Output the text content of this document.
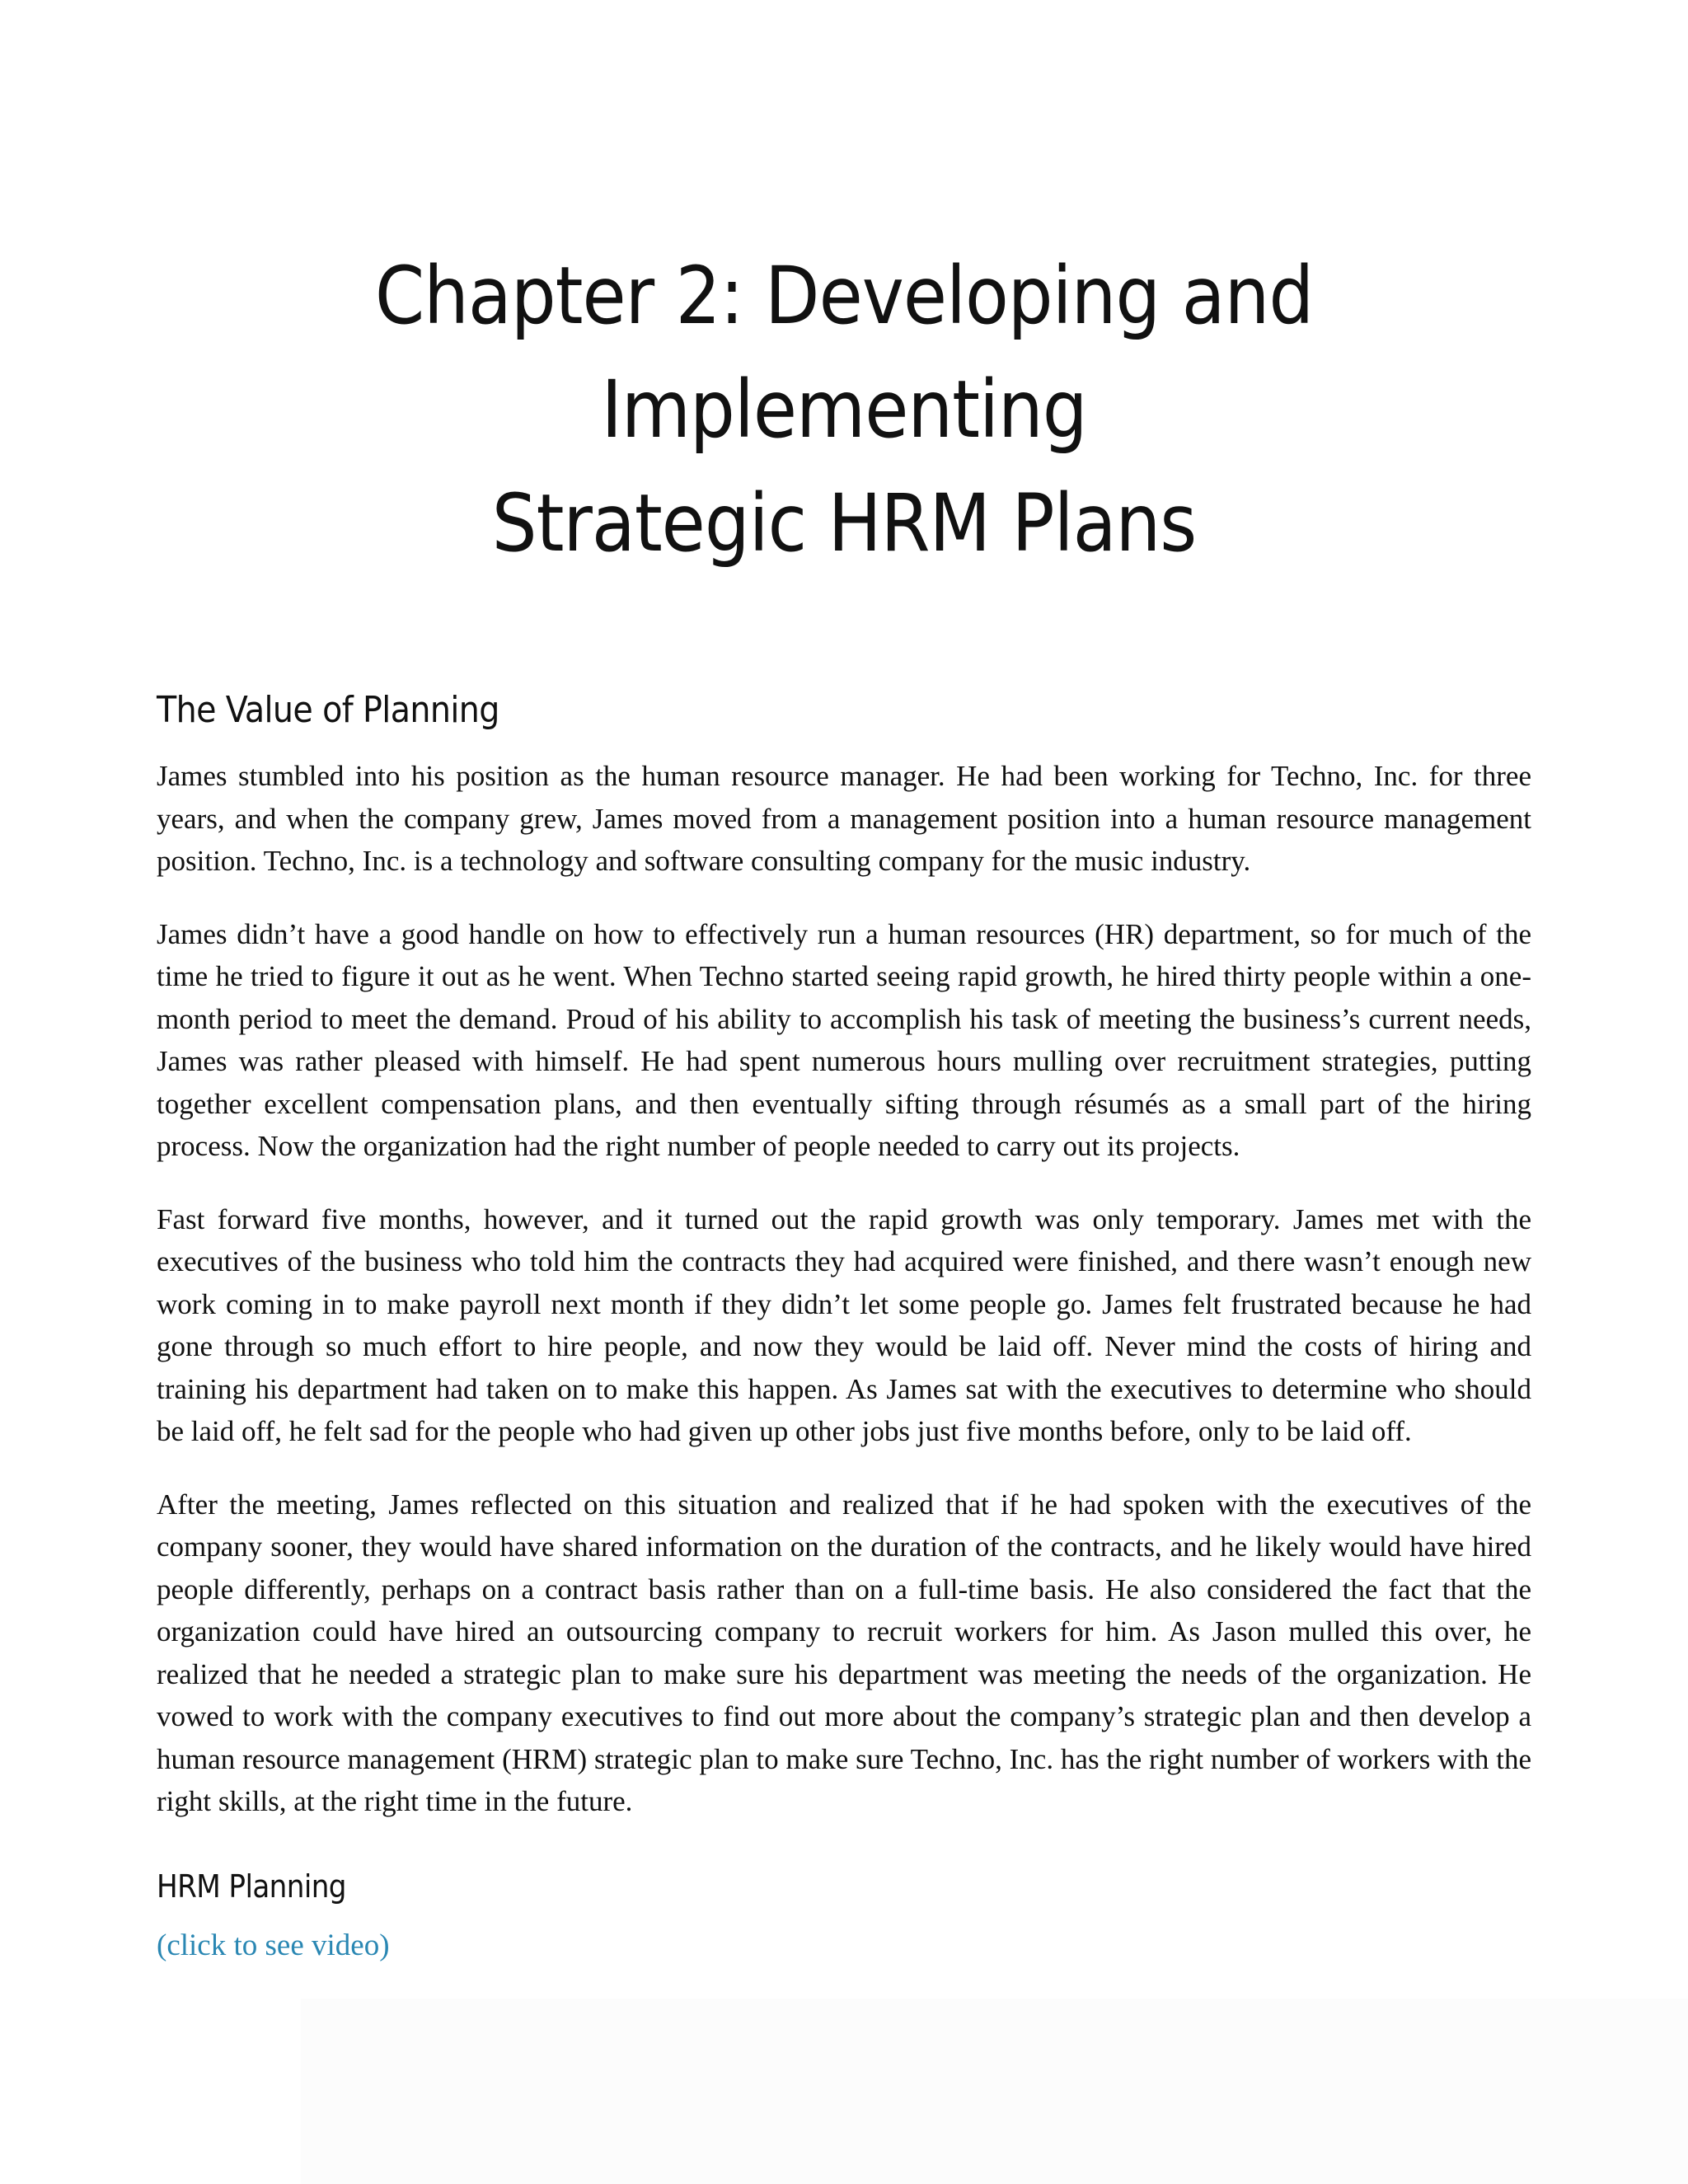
Chapter 2: Developing and Implementing
Strategic HRM Plans
The Value of Planning

James stumbled into his position as the human resource manager. He had been working for Techno, Inc. for three years, and when the company grew, James moved from a management position into a human resource management position. Techno, Inc. is a technology and software consulting company for the music industry.

James didn’t have a good handle on how to effectively run a human resources (HR) department, so for much of the time he tried to figure it out as he went. When Techno started seeing rapid growth, he hired thirty people within a one-month period to meet the demand. Proud of his ability to accomplish his task of meeting the business’s current needs, James was rather pleased with himself. He had spent numerous hours mulling over recruitment strategies, putting together excellent compensation plans, and then eventually sifting through résumés as a small part of the hiring process. Now the organization had the right number of people needed to carry out its projects.

Fast forward five months, however, and it turned out the rapid growth was only temporary. James met with the executives of the business who told him the contracts they had acquired were finished, and there wasn’t enough new work coming in to make payroll next month if they didn’t let some people go. James felt frustrated because he had gone through so much effort to hire people, and now they would be laid off. Never mind the costs of hiring and training his department had taken on to make this happen. As James sat with the executives to determine who should be laid off, he felt sad for the people who had given up other jobs just five months before, only to be laid off.

After the meeting, James reflected on this situation and realized that if he had spoken with the executives of the company sooner, they would have shared information on the duration of the contracts, and he likely would have hired people differently, perhaps on a contract basis rather than on a full-time basis. He also considered the fact that the organization could have hired an outsourcing company to recruit workers for him. As Jason mulled this over, he realized that he needed a strategic plan to make sure his department was meeting the needs of the organization. He vowed to work with the company executives to find out more about the company’s strategic plan and then develop a human resource management (HRM) strategic plan to make sure Techno, Inc. has the right number of workers with the right skills, at the right time in the future.

HRM Planning
(click to see video)
